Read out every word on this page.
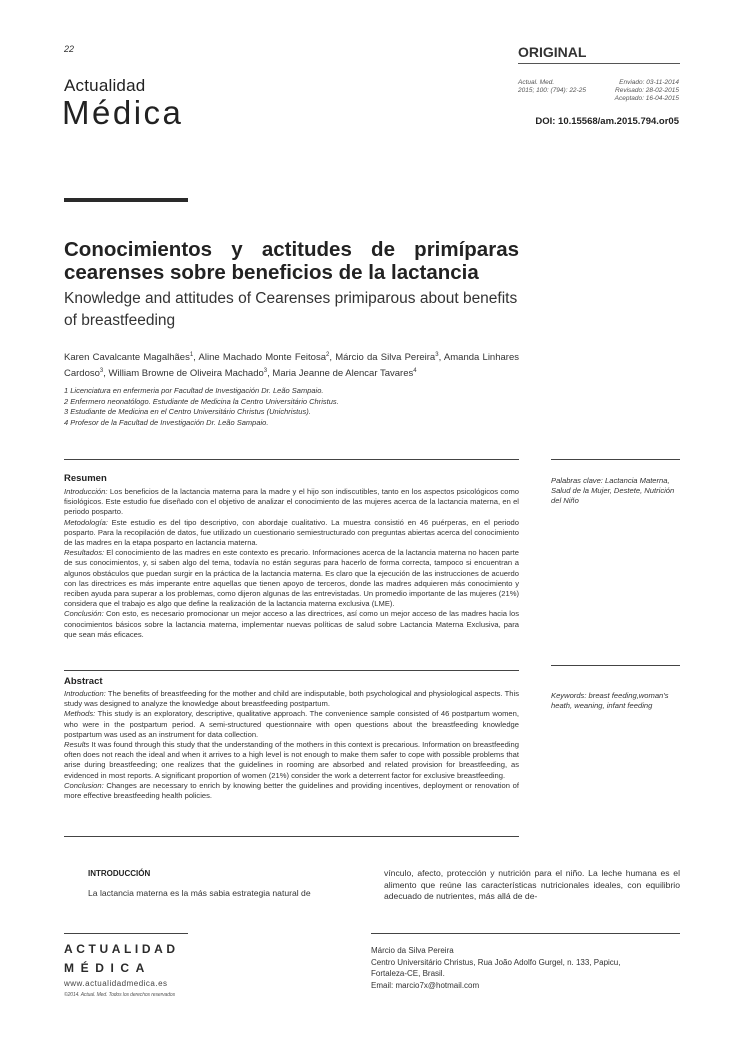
22
Actualidad
Médica
ORIGINAL
Actual. Med.
2015; 100: (794): 22-25
Enviado: 03-11-2014
Revisado: 28-02-2015
Aceptado: 16-04-2015
DOI: 10.15568/am.2015.794.or05
Conocimientos y actitudes de primíparas cearenses sobre beneficios de la lactancia
Knowledge and attitudes of Cearenses primiparous about benefits of breastfeeding
Karen Cavalcante Magalhães$^1$, Aline Machado Monte Feitosa$^2$, Márcio da Silva Pereira$^3$, Amanda Linhares Cardoso$^3$, William Browne de Oliveira Machado$^3$, Maria Jeanne de Alencar Tavares$^4$
1 Licenciatura en enfermeria por Facultad de Investigación Dr. Leão Sampaio.
2 Enfermero neonatólogo. Estudiante de Medicina la Centro Universitário Christus.
3 Estudiante de Medicina en el Centro Universitário Christus (Unichristus).
4 Profesor de la Facultad de Investigación Dr. Leão Sampaio.
Resumen

Introducción: Los beneficios de la lactancia materna para la madre y el hijo son indiscutibles, tanto en los aspectos psicológicos como fisiológicos. Este estudio fue diseñado con el objetivo de analizar el conocimiento de las mujeres acerca de la lactancia materna, en el periodo posparto.

Metodología: Este estudio es del tipo descriptivo, con abordaje cualitativo. La muestra consistió en 46 puérperas, en el periodo posparto. Para la recopilación de datos, fue utilizado un cuestionario semiestructurado con preguntas abiertas acerca del conocimiento de las madres en la etapa posparto en lactancia materna.

Resultados: El conocimiento de las madres en este contexto es precario. Informaciones acerca de la lactancia materna no hacen parte de sus conocimientos, y, si saben algo del tema, todavía no están seguras para hacerlo de forma correcta, tampoco si encuentran a algunos obstáculos que puedan surgir en la práctica de la lactancia materna. Es claro que la ejecución de las instrucciones de acuerdo con las directrices es más imperante entre aquellas que tienen apoyo de terceros, donde las madres adquieren más conocimiento y reciben ayuda para superar a los problemas, como dijeron algunas de las entrevistadas. Un promedio importante de las mujeres (21%) considera que el trabajo es algo que define la realización de la lactancia materna exclusiva (LME).

Conclusión: Con esto, es necesario promocionar un mejor acceso a las directrices, así como un mejor acceso de las madres hacia los conocimientos básicos sobre la lactancia materna, implementar nuevas políticas de salud sobre Lactancia Materna Exclusiva, para que sean más eficaces.

Palabras clave: Lactancia Materna, Salud de la Mujer, Destete, Nutrición del Niño
Abstract

Introduction: The benefits of breastfeeding for the mother and child are indisputable, both psychological and physiological aspects. This study was designed to analyze the knowledge about breastfeeding postpartum.

Methods: This study is an exploratory, descriptive, qualitative approach. The convenience sample consisted of 46 postpartum women, who were in the postpartum period. A semi-structured questionnaire with open questions about the breastfeeding knowledge postpartum was used as an instrument for data collection.

Results It was found through this study that the understanding of the mothers in this context is precarious. Information on breastfeeding often does not reach the ideal and when it arrives to a high level is not enough to make them safer to cope with possible problems that arise during breastfeeding; one realizes that the guidelines in rooming are absorbed and related provision for breastfeeding, as evidenced in most reports. A significant proportion of women (21%) consider the work a deterrent factor for exclusive breastfeeding.

Conclusion: Changes are necessary to enrich by knowing better the guidelines and providing incentives, deployment or renovation of more effective breastfeeding health policies.

Keywords: breast feeding,woman's heath, weaning, infant feeding
INTRODUCCIÓN
La lactancia materna es la más sabia estrategia natural de
vínculo, afecto, protección y nutrición para el niño. La leche humana es el alimento que reúne las características nutricionales ideales, con equilibrio adecuado de nutrientes, más allá de de-
ACTUALIDAD
MÉDICA
www.actualidadmedica.es
©2014. Actual. Med. Todos los derechos reservados
Márcio da Silva Pereira
Centro Universitário Christus, Rua João Adolfo Gurgel, n. 133, Papicu,
Fortaleza-CE, Brasil.
Email: marcio7x@hotmail.com
